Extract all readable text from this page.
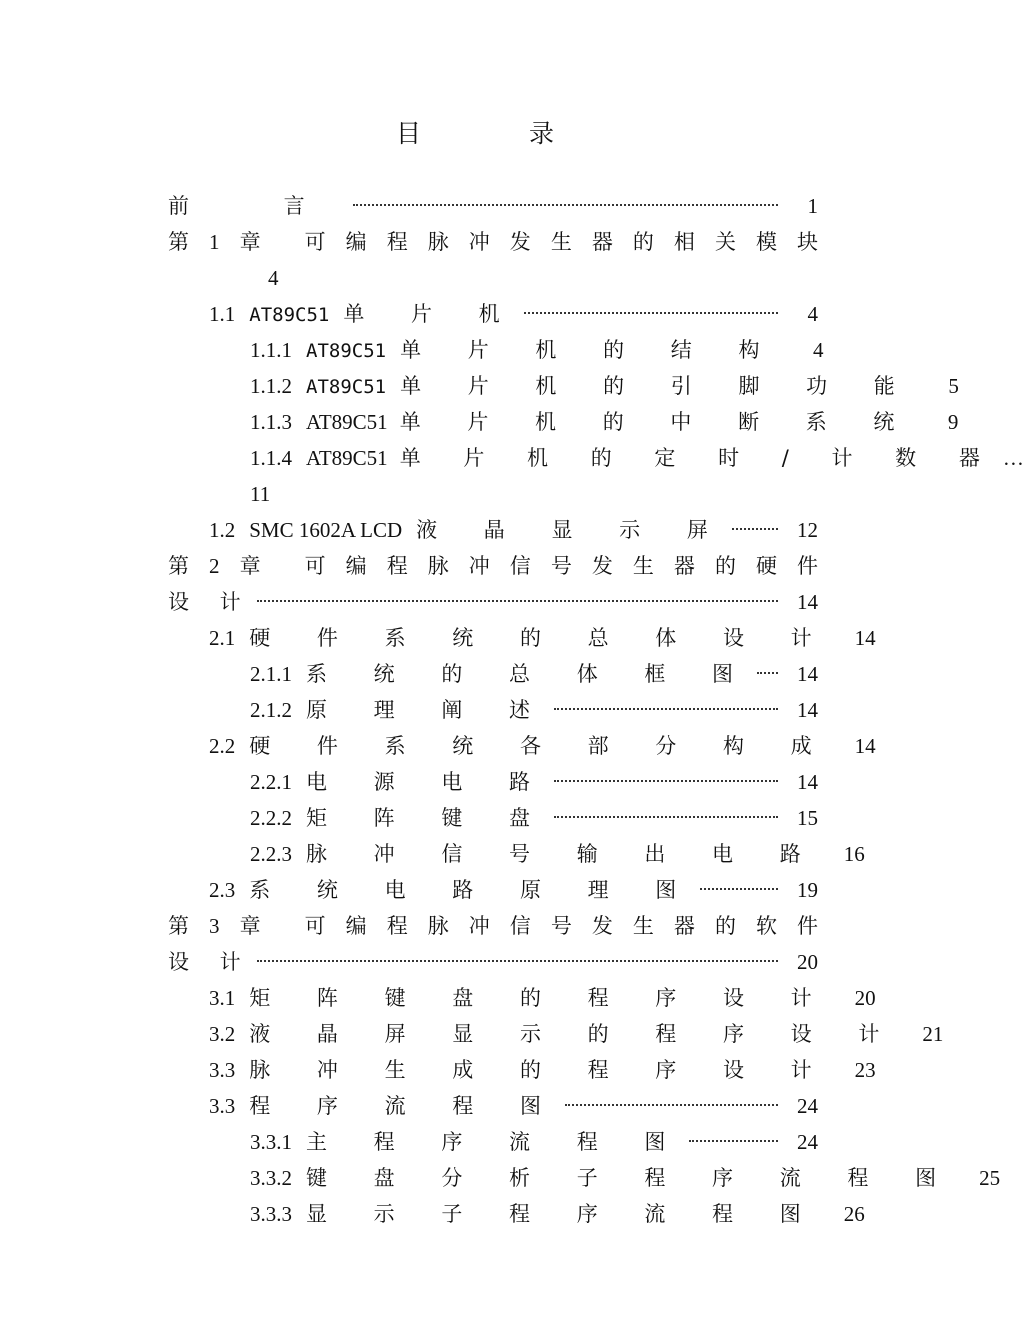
目 录
前 言	1
第 1 章 可 编 程 脉 冲 发 生 器 的 相 关 模 块
4
1.1 AT89C51 单 片 机	4
1.1.1 AT89C51 单 片 机 的 结 构	4
1.1.2 AT89C51 单 片 机 的 引 脚 功 能	5
1.1.3 AT89C51 单 片 机 的 中 断 系 统	9
1.1.4 AT89C51 单 片 机 的 定 时 / 计 数 器 …
11
1.2 SMC 1602A LCD 液 晶 显 示 屏	12
第 2 章 可 编 程 脉 冲 信 号 发 生 器 的 硬 件
设 计	14
2.1 硬 件 系 统 的 总 体 设 计 14
2.1.1 系 统 的 总 体 框 图 14
2.1.2 原 理 阐 述	14
2.2 硬 件 系 统 各 部 分 构 成 14
2.2.1 电 源 电 路	14
2.2.2 矩 阵 键 盘	15
2.2.3 脉 冲 信 号 输 出 电 路 16
2.3 系 统 电 路 原 理 图	19
第 3 章 可 编 程 脉 冲 信 号 发 生 器 的 软 件
设 计	20
3.1 矩 阵 键 盘 的 程 序 设 计 20
3.2 液 晶 屏 显 示 的 程 序 设 计 21
3.3 脉 冲 生 成 的 程 序 设 计 23
3.3 程 序 流 程 图	24
3.3.1 主 程 序 流 程 图	24
3.3.2 键 盘 分 析 子 程 序 流 程 图 25
3.3.3 显 示 子 程 序 流 程 图 26
